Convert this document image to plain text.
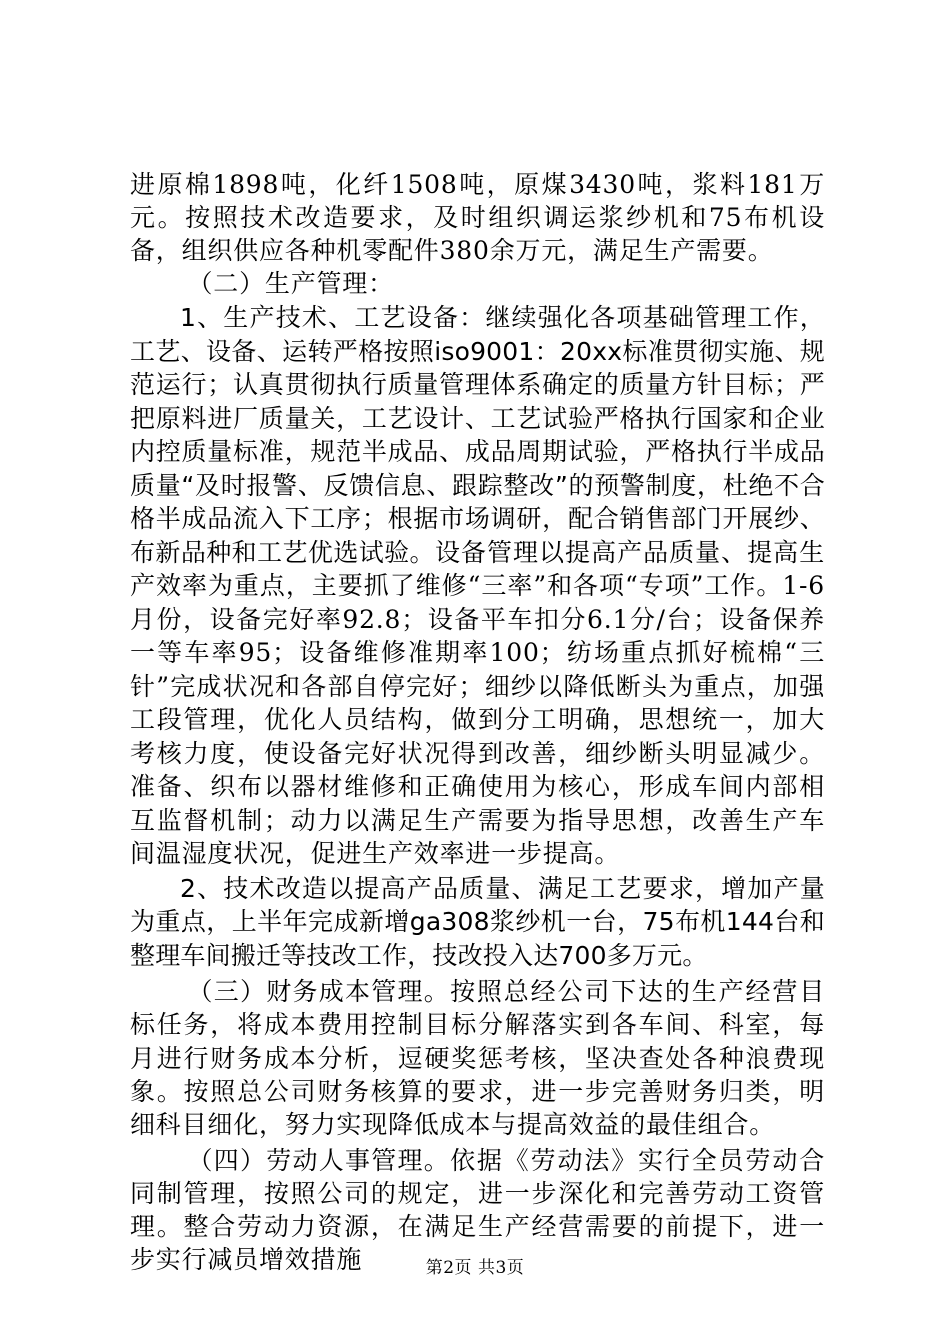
进原棉1898吨，化纤1508吨，原煤3430吨，浆料181万元。按照技术改造要求，及时组织调运浆纱机和75布机设备，组织供应各种机零配件380余万元，满足生产需要。

（二）生产管理：

1、生产技术、工艺设备：继续强化各项基础管理工作，工艺、设备、运转严格按照iso9001：20xx标准贯彻实施、规范运行；认真贯彻执行质量管理体系确定的质量方针目标；严把原料进厂质量关，工艺设计、工艺试验严格执行国家和企业内控质量标准，规范半成品、成品周期试验，严格执行半成品质量“及时报警、反馈信息、跟踪整改”的预警制度，杜绝不合格半成品流入下工序；根据市场调研，配合销售部门开展纱、布新品种和工艺优选试验。设备管理以提高产品质量、提高生产效率为重点，主要抓了维修“三率”和各项“专项”工作。1-6月份，设备完好率92.8；设备平车扣分6.1分/台；设备保养一等车率95；设备维修准期率100；纺场重点抓好梳棉“三针”完成状况和各部自停完好；细纱以降低断头为重点，加强工段管理，优化人员结构，做到分工明确，思想统一，加大考核力度，使设备完好状况得到改善，细纱断头明显减少。准备、织布以器材维修和正确使用为核心，形成车间内部相互监督机制；动力以满足生产需要为指导思想，改善生产车间温湿度状况，促进生产效率进一步提高。

2、技术改造以提高产品质量、满足工艺要求，增加产量为重点，上半年完成新增ga308浆纱机一台，75布机144台和整理车间搬迁等技改工作，技改投入达700多万元。

（三）财务成本管理。按照总经公司下达的生产经营目标任务，将成本费用控制目标分解落实到各车间、科室，每月进行财务成本分析，逗硬奖惩考核，坚决查处各种浪费现象。按照总公司财务核算的要求，进一步完善财务归类，明细科目细化，努力实现降低成本与提高效益的最佳组合。

（四）劳动人事管理。依据《劳动法》实行全员劳动合同制管理，按照公司的规定，进一步深化和完善劳动工资管理。整合劳动力资源，在满足生产经营需要的前提下，进一步实行减员增效措施	第2页 共3页
